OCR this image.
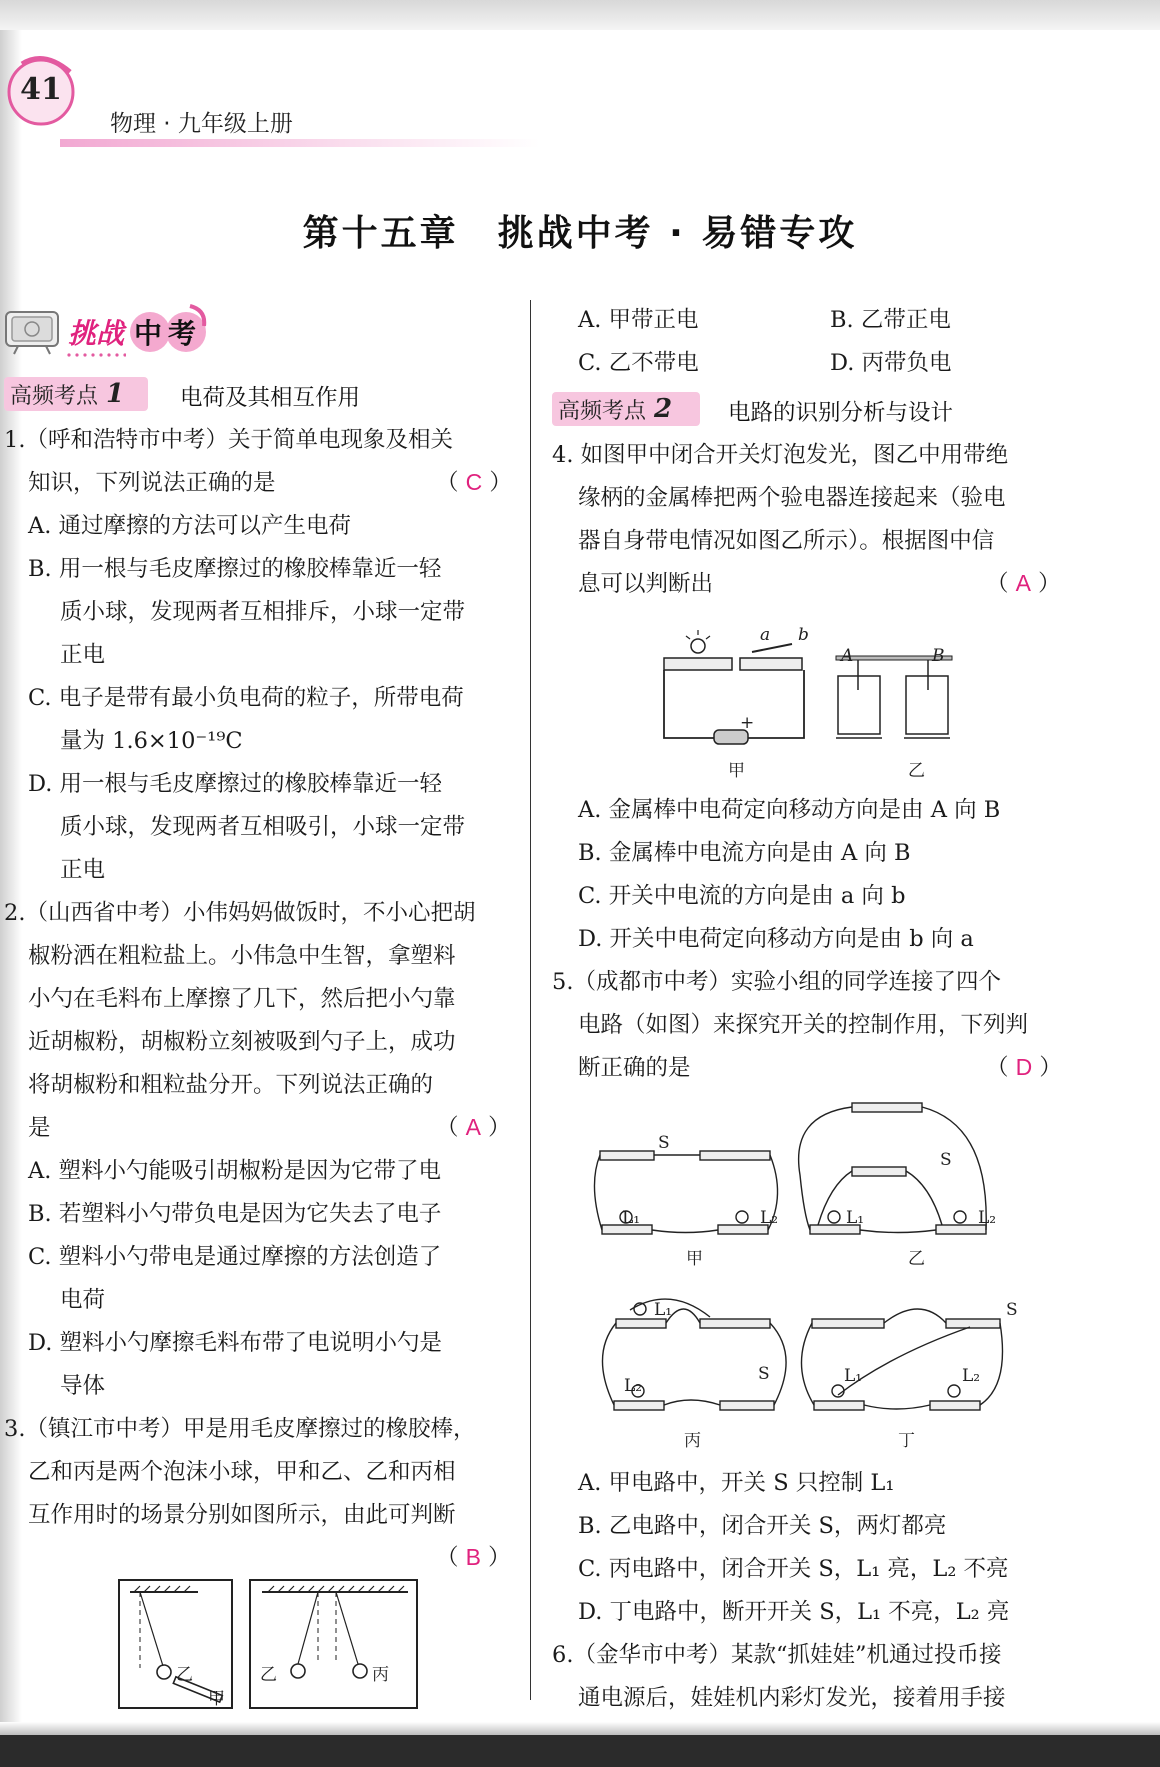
41
物理 · 九年级上册
第十五章　挑战中考 · 易错专攻
挑战 中考
高频考点 1 电荷及其相互作用
1.（呼和浩特市中考）关于简单电现象及相关
知识，下列说法正确的是	（ C ）
A. 通过摩擦的方法可以产生电荷
B. 用一根与毛皮摩擦过的橡胶棒靠近一轻
质小球，发现两者互相排斥，小球一定带
正电
C. 电子是带有最小负电荷的粒子，所带电荷
量为 1.6×10⁻¹⁹C
D. 用一根与毛皮摩擦过的橡胶棒靠近一轻
质小球，发现两者互相吸引，小球一定带
正电
2.（山西省中考）小伟妈妈做饭时，不小心把胡
椒粉洒在粗粒盐上。小伟急中生智，拿塑料
小勺在毛料布上摩擦了几下，然后把小勺靠
近胡椒粉，胡椒粉立刻被吸到勺子上，成功
将胡椒粉和粗粒盐分开。下列说法正确的
是	（ A ）
A. 塑料小勺能吸引胡椒粉是因为它带了电
B. 若塑料小勺带负电是因为它失去了电子
C. 塑料小勺带电是通过摩擦的方法创造了
电荷
D. 塑料小勺摩擦毛料布带了电说明小勺是
导体
3.（镇江市中考）甲是用毛皮摩擦过的橡胶棒，
乙和丙是两个泡沫小球，甲和乙、乙和丙相
互作用时的场景分别如图所示，由此可判断
（ B ）
乙
甲
乙	丙
A. 甲带正电	B. 乙带正电
C. 乙不带电	D. 丙带负电
高频考点 2 电路的识别分析与设计
4. 如图甲中闭合开关灯泡发光，图乙中用带绝
缘柄的金属棒把两个验电器连接起来（验电
器自身带电情况如图乙所示）。根据图中信
息可以判断出	（ A ）
a b
A	B
+
甲	乙
A. 金属棒中电荷定向移动方向是由 A 向 B
B. 金属棒中电流方向是由 A 向 B
C. 开关中电流的方向是由 a 向 b
D. 开关中电荷定向移动方向是由 b 向 a
5.（成都市中考）实验小组的同学连接了四个
电路（如图）来探究开关的控制作用，下列判
断正确的是	（ D ）
S
L₁	L₂
甲
S
L₁	L₂
乙
L₁
L₂
S
丙
S
L₁	L₂
丁
A. 甲电路中，开关 S 只控制 L₁
B. 乙电路中，闭合开关 S，两灯都亮
C. 丙电路中，闭合开关 S，L₁ 亮，L₂ 不亮
D. 丁电路中，断开开关 S，L₁ 不亮，L₂ 亮
6.（金华市中考）某款“抓娃娃”机通过投币接
通电源后，娃娃机内彩灯发光，接着用手接
